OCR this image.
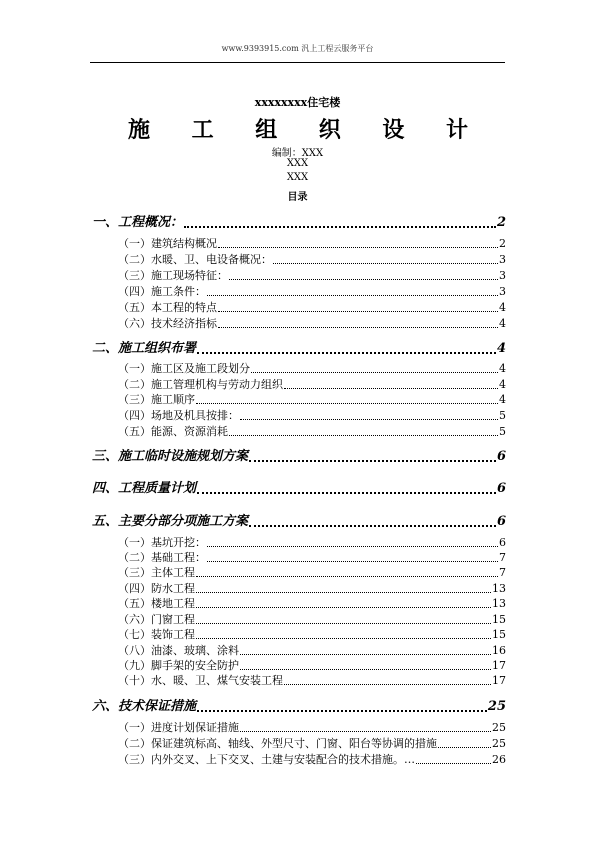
www.9393915.com 汎上工程云服务平台
xxxxxxxx住宅楼
施 工 组 织 设 计
编制：XXX
XXX
XXX
目录
一、工程概况：	2
（一）建筑结构概况	2
（二）水暖、卫、电设备概况：	3
（三）施工现场特征：	3
（四）施工条件：	3
（五）本工程的特点	4
（六）技术经济指标	4
二、施工组织布署	4
（一）施工区及施工段划分	4
（二）施工管理机构与劳动力组织	4
（三）施工顺序	4
（四）场地及机具按排：	5
（五）能源、资源消耗	5
三、施工临时设施规划方案	6
四、工程质量计划	6
五、主要分部分项施工方案	6
（一）基坑开挖：	6
（二）基础工程：	7
（三）主体工程	7
（四）防水工程	13
（五）楼地工程	13
（六）门窗工程	15
（七）装饰工程	15
（八）油漆、玻璃、涂料	16
（九）脚手架的安全防护	17
（十）水、暖、卫、煤气安装工程	17
六、技术保证措施	25
（一）进度计划保证措施	25
（二）保证建筑标高、轴线、外型尺寸、门窗、阳台等协调的措施	25
（三）内外交叉、上下交叉、土建与安装配合的技术措施。…	26
